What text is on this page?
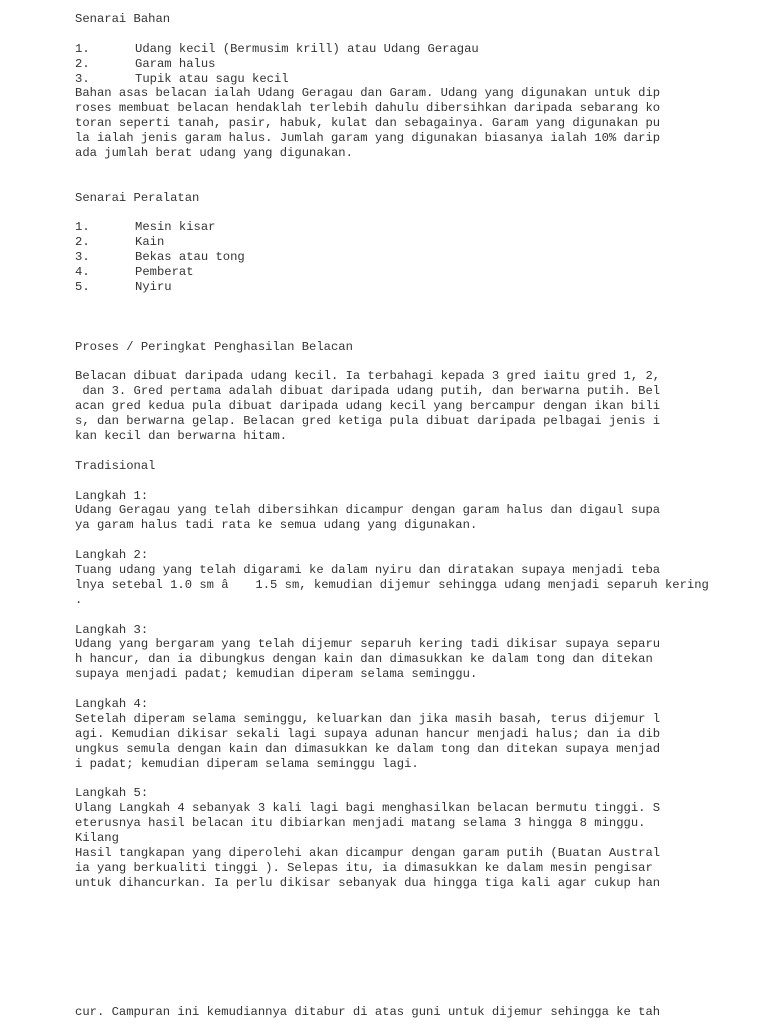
Senarai Bahan
1.	Udang kecil (Bermusim krill) atau Udang Geragau
2.	Garam halus
3.	Tupik atau sagu kecil
Bahan asas belacan ialah Udang Geragau dan Garam. Udang yang digunakan untuk dip
roses membuat belacan hendaklah terlebih dahulu dibersihkan daripada sebarang ko
toran seperti tanah, pasir, habuk, kulat dan sebagainya. Garam yang digunakan pu
la ialah jenis garam halus. Jumlah garam yang digunakan biasanya ialah 10% darip
ada jumlah berat udang yang digunakan.
Senarai Peralatan
1.	Mesin kisar
2.	Kain
3.	Bekas atau tong
4.	Pemberat
5.	Nyiru
Proses / Peringkat Penghasilan Belacan
Belacan dibuat daripada udang kecil. Ia terbahagi kepada 3 gred iaitu gred 1, 2,
dan 3. Gred pertama adalah dibuat daripada udang putih, dan berwarna putih. Bel
acan gred kedua pula dibuat daripada udang kecil yang bercampur dengan ikan bili
s, dan berwarna gelap. Belacan gred ketiga pula dibuat daripada pelbagai jenis i
kan kecil dan berwarna hitam.
Tradisional
Langkah 1:
Udang Geragau yang telah dibersihkan dicampur dengan garam halus dan digaul supa
ya garam halus tadi rata ke semua udang yang digunakan.
Langkah 2:
Tuang udang yang telah digarami ke dalam nyiru dan diratakan supaya menjadi teba
lnya setebal 1.0 sm â 1.5 sm, kemudian dijemur sehingga udang menjadi separuh kering
.
Langkah 3:
Udang yang bergaram yang telah dijemur separuh kering tadi dikisar supaya separu
h hancur, dan ia dibungkus dengan kain dan dimasukkan ke dalam tong dan ditekan
supaya menjadi padat; kemudian diperam selama seminggu.
Langkah 4:
Setelah diperam selama seminggu, keluarkan dan jika masih basah, terus dijemur l
agi. Kemudian dikisar sekali lagi supaya adunan hancur menjadi halus; dan ia dib
ungkus semula dengan kain dan dimasukkan ke dalam tong dan ditekan supaya menjad
i padat; kemudian diperam selama seminggu lagi.
Langkah 5:
Ulang Langkah 4 sebanyak 3 kali lagi bagi menghasilkan belacan bermutu tinggi. S
eterusnya hasil belacan itu dibiarkan menjadi matang selama 3 hingga 8 minggu.
Kilang
Hasil tangkapan yang diperolehi akan dicampur dengan garam putih (Buatan Austral
ia yang berkualiti tinggi ). Selepas itu, ia dimasukkan ke dalam mesin pengisar
untuk dihancurkan. Ia perlu dikisar sebanyak dua hingga tiga kali agar cukup han
cur. Campuran ini kemudiannya ditabur di atas guni untuk dijemur sehingga ke tah
